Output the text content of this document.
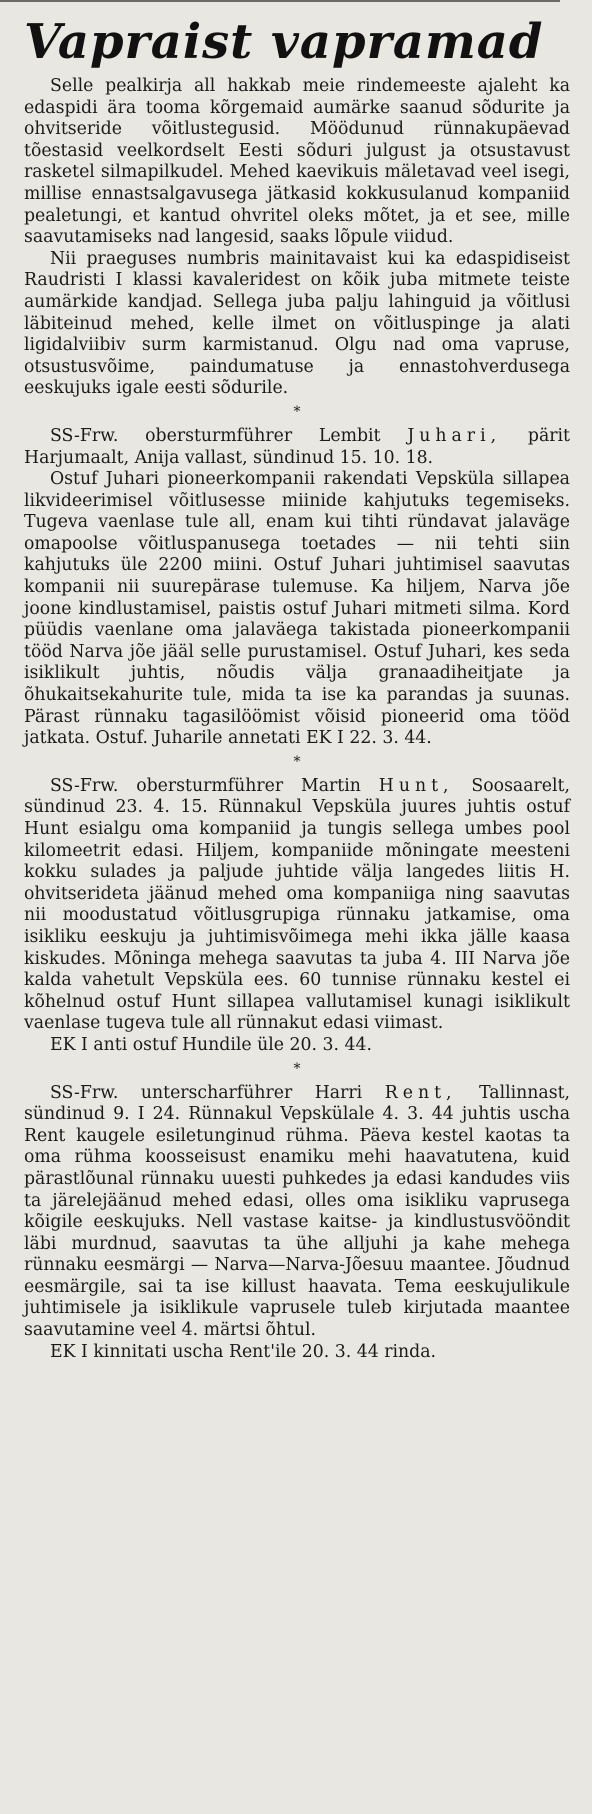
Vapraist vapramad

Selle pealkirja all hakkab meie rindemeeste ajaleht ka edaspidi ära tooma kõrgemaid aumärke saanud sõdurite ja ohvitseride võitlustegusid. Möödunud rünnakupäevad tõestasid veelkordselt Eesti sõduri julgust ja otsustavust rasketel silmapilkudel. Mehed kaevikuis mäletavad veel isegi, millise ennastsalgavusega jätkasid kokkusulanud kompaniid pealetungi, et kantud ohvritel oleks mõtet, ja et see, mille saavutamiseks nad langesid, saaks lõpule viidud.

Nii praeguses numbris mainitavaist kui ka edaspidiseist Raudristi I klassi kavaleridest on kõik juba mitmete teiste aumärkide kandjad. Sellega juba palju lahinguid ja võitlusi läbiteinud mehed, kelle ilmet on võitluspinge ja alati ligidalviibiv surm karmistanud. Olgu nad oma vapruse, otsustusvõime, paindumatuse ja ennastohverdusega eeskujuks igale eesti sõdurile.

*

SS-Frw. obersturmführer Lembit Juhari, pärit Harjumaalt, Anija vallast, sündinud 15. 10. 18.

Ostuf Juhari pioneerkompanii rakendati Vepsküla sillapea likvideerimisel võitlusesse miinide kahjutuks tegemiseks. Tugeva vaenlase tule all, enam kui tihti ründavat jalaväge omapoolse võitluspanusega toetades — nii tehti siin kahjutuks üle 2200 miini. Ostuf Juhari juhtimisel saavutas kompanii nii suurepärase tulemuse. Ka hiljem, Narva jõe joone kindlustamisel, paistis ostuf Juhari mitmeti silma. Kord püüdis vaenlane oma jalaväega takistada pioneerkompanii tööd Narva jõe jääl selle purustamisel. Ostuf Juhari, kes seda isiklikult juhtis, nõudis välja granaadiheitjate ja õhukaitsekahurite tule, mida ta ise ka parandas ja suunas. Pärast rünnaku tagasilöömist võisid pioneerid oma tööd jatkata. Ostuf. Juharile annetati EK I 22. 3. 44.

*

SS-Frw. obersturmführer Martin Hunt, Soosaarelt, sündinud 23. 4. 15. Rünnakul Vepsküla juures juhtis ostuf Hunt esialgu oma kompaniid ja tungis sellega umbes pool kilomeetrit edasi. Hiljem, kompaniide mõningate meesteni kokku sulades ja paljude juhtide välja langedes liitis H. ohvitserideta jäänud mehed oma kompaniiga ning saavutas nii moodustatud võitlusgrupiga rünnaku jatkamise, oma isikliku eeskuju ja juhtimisvõimega mehi ikka jälle kaasa kiskudes. Mõninga mehega saavutas ta juba 4. III Narva jõe kalda vahetult Vepsküla ees. 60 tunnise rünnaku kestel ei kõhelnud ostuf Hunt sillapea vallutamisel kunagi isiklikult vaenlase tugeva tule all rünnakut edasi viimast.

EK I anti ostuf Hundile üle 20. 3. 44.

*

SS-Frw. unterscharführer Harri Rent, Tallinnast, sündinud 9. I 24. Rünnakul Vepskülale 4. 3. 44 juhtis uscha Rent kaugele esiletunginud rühma. Päeva kestel kaotas ta oma rühma koosseisust enamiku mehi haavatutena, kuid pärastlõunal rünnaku uuesti puhkedes ja edasi kandudes viis ta järelejäänud mehed edasi, olles oma isikliku vaprusega kõigile eeskujuks. Nell vastase kaitse- ja kindlustusvööndit läbi murdnud, saavutas ta ühe alljuhi ja kahe mehega rünnaku eesmärgi — Narva—Narva-Jõesuu maantee. Jõudnud eesmärgile, sai ta ise killust haavata. Tema eeskujulikule juhtimisele ja isiklikule vaprusele tuleb kirjutada maantee saavutamine veel 4. märtsi õhtul.

EK I kinnitati uscha Rent'ile 20. 3. 44 rinda.
